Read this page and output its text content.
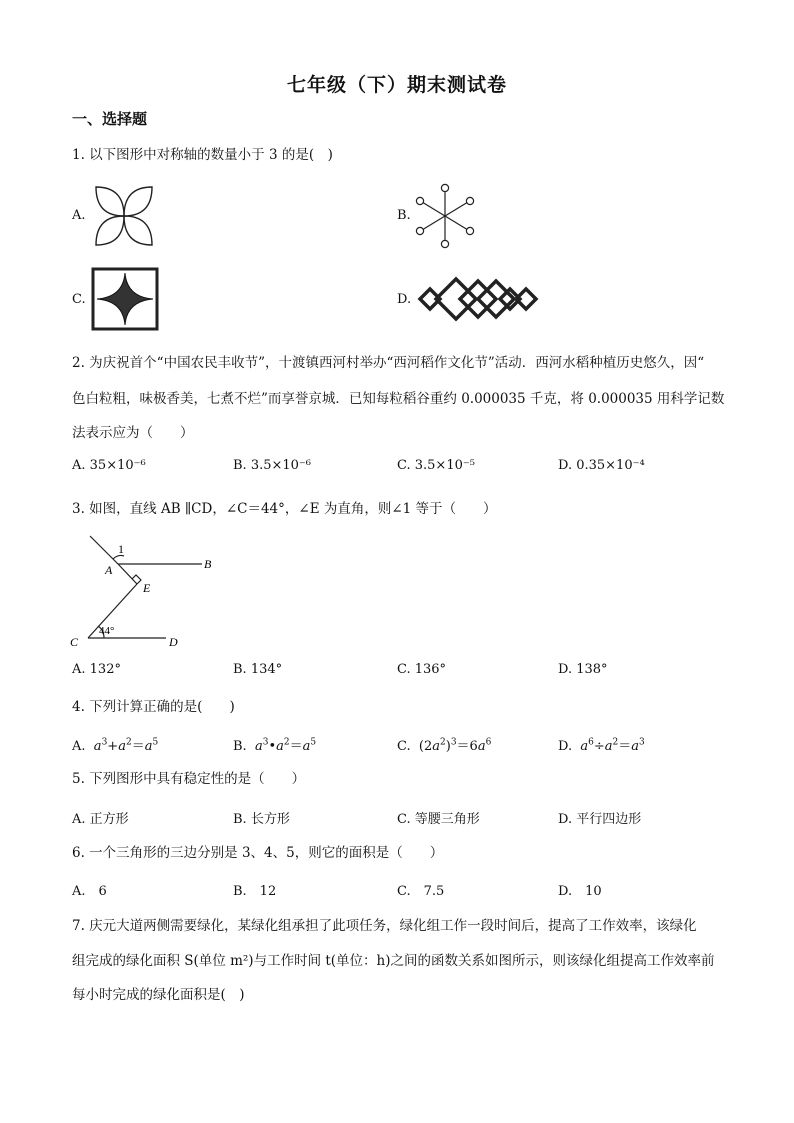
七年级（下）期末测试卷
一、选择题
1. 以下图形中对称轴的数量小于 3 的是(　)
A.	B.
C.	D.
2. 为庆祝首个“中国农民丰收节”，十渡镇西河村举办“西河稻作文化节”活动．西河水稻种植历史悠久，因“
色白粒粗，味极香美，七煮不烂”而享誉京城．已知每粒稻谷重约 0.000035 千克，将 0.000035 用科学记数
法表示应为（　　）
A. 35×10⁻⁶	B. 3.5×10⁻⁶	C. 3.5×10⁻⁵	D. 0.35×10⁻⁴
3. 如图，直线 AB ∥CD，∠C＝44°，∠E 为直角，则∠1 等于（　　）
1
A	B
E
C	D
44°
A. 132°	B. 134°	C. 136°	D. 138°
4. 下列计算正确的是(　　)
A. $a^3+a^2=a^5$	B. $a^3•a^2=a^5$	C. $(2a^2)^3=6a^6$	D. $a^6\div a^2=a^3$
5. 下列图形中具有稳定性的是（　　）
A. 正方形	B. 长方形	C. 等腰三角形	D. 平行四边形
6. 一个三角形的三边分别是 3、4、5，则它的面积是（　　）
A.　6	B.　12	C.　7.5	D.　10
7. 庆元大道两侧需要绿化，某绿化组承担了此项任务，绿化组工作一段时间后，提高了工作效率，该绿化
组完成的绿化面积 S(单位 m²)与工作时间 t(单位：h)之间的函数关系如图所示，则该绿化组提高工作效率前
每小时完成的绿化面积是(　)
